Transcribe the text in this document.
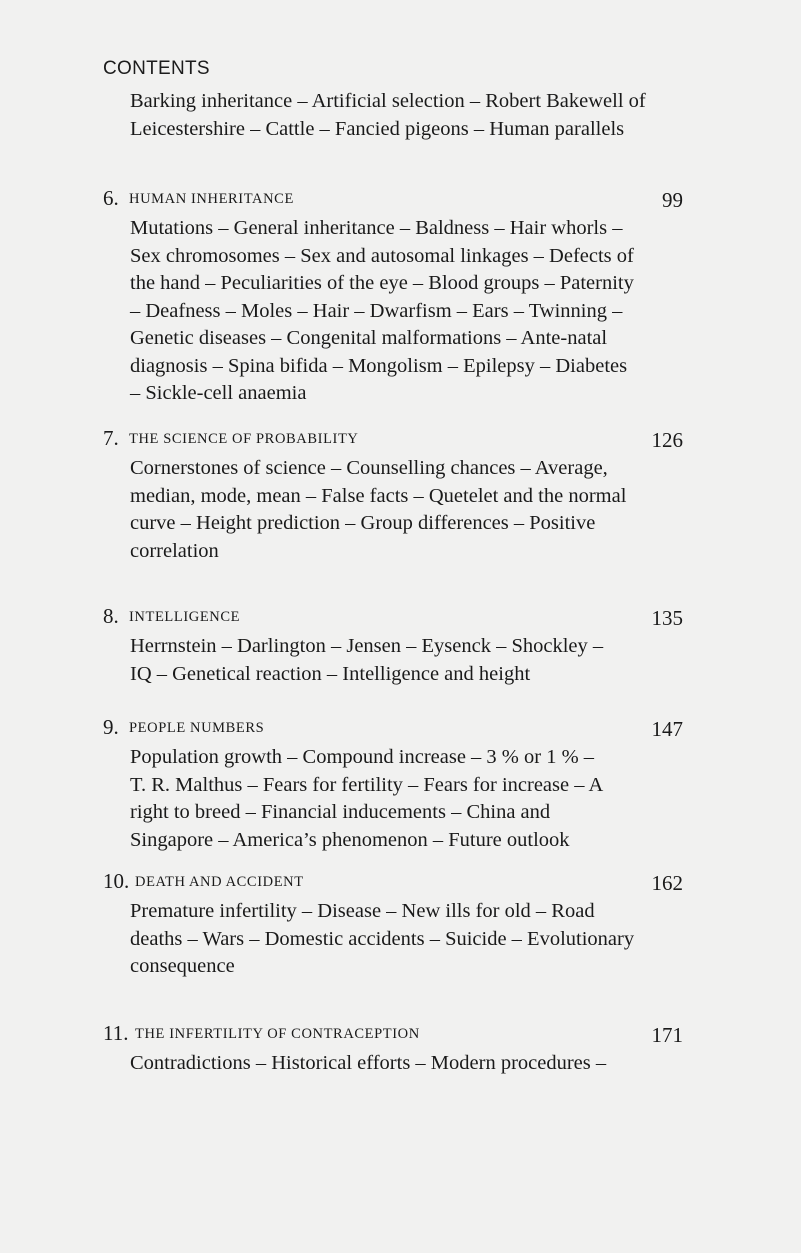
CONTENTS
Barking inheritance – Artificial selection – Robert Bakewell of
Leicestershire – Cattle – Fancied pigeons – Human parallels
6. HUMAN INHERITANCE	99
Mutations – General inheritance – Baldness – Hair whorls –
Sex chromosomes – Sex and autosomal linkages – Defects of
the hand – Peculiarities of the eye – Blood groups – Paternity
– Deafness – Moles – Hair – Dwarfism – Ears – Twinning –
Genetic diseases – Congenital malformations – Ante-natal
diagnosis – Spina bifida – Mongolism – Epilepsy – Diabetes
– Sickle-cell anaemia
7. THE SCIENCE OF PROBABILITY	126
Cornerstones of science – Counselling chances – Average,
median, mode, mean – False facts – Quetelet and the normal
curve – Height prediction – Group differences – Positive
correlation
8. INTELLIGENCE	135
Herrnstein – Darlington – Jensen – Eysenck – Shockley –
IQ – Genetical reaction – Intelligence and height
9. PEOPLE NUMBERS	147
Population growth – Compound increase – 3 % or 1 % –
T. R. Malthus – Fears for fertility – Fears for increase – A
right to breed – Financial inducements – China and
Singapore – America’s phenomenon – Future outlook
10. DEATH AND ACCIDENT	162
Premature infertility – Disease – New ills for old – Road
deaths – Wars – Domestic accidents – Suicide – Evolutionary
consequence
11. THE INFERTILITY OF CONTRACEPTION	171
Contradictions – Historical efforts – Modern procedures –
